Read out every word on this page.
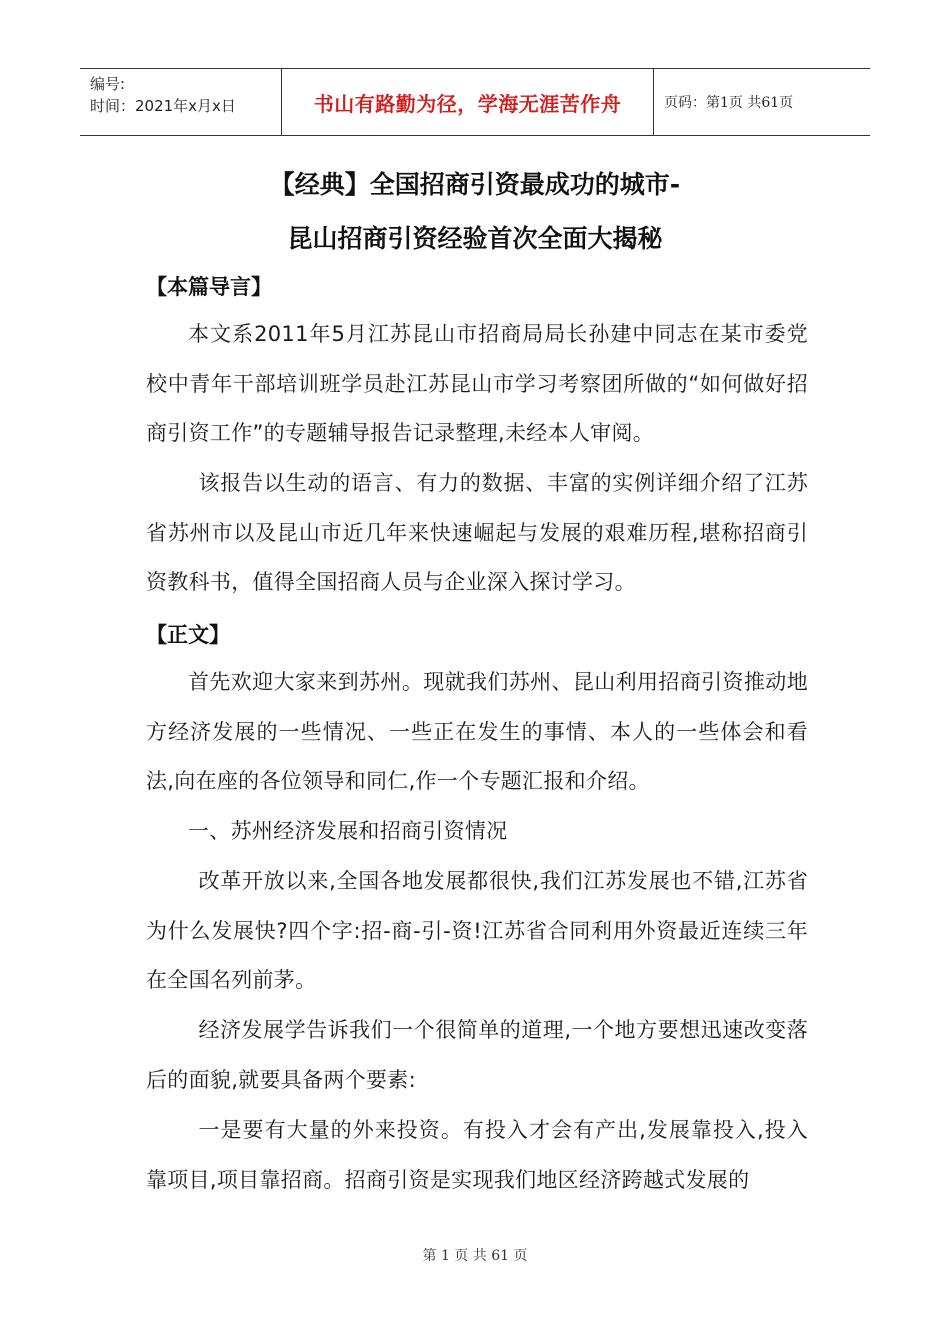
编号:
时间：2021年x月x日	书山有路勤为径，学海无涯苦作舟	页码：第1页 共61页
【经典】全国招商引资最成功的城市-
昆山招商引资经验首次全面大揭秘
【本篇导言】

本文系2011年5月江苏昆山市招商局局长孙建中同志在某市委党校中青年干部培训班学员赴江苏昆山市学习考察团所做的“如何做好招商引资工作”的专题辅导报告记录整理,未经本人审阅。

该报告以生动的语言、有力的数据、丰富的实例详细介绍了江苏省苏州市以及昆山市近几年来快速崛起与发展的艰难历程,堪称招商引资教科书，值得全国招商人员与企业深入探讨学习。

【正文】

首先欢迎大家来到苏州。现就我们苏州、昆山利用招商引资推动地方经济发展的一些情况、一些正在发生的事情、本人的一些体会和看法,向在座的各位领导和同仁,作一个专题汇报和介绍。

一、苏州经济发展和招商引资情况

改革开放以来,全国各地发展都很快,我们江苏发展也不错,江苏省为什么发展快?四个字:招-商-引-资!江苏省合同利用外资最近连续三年在全国名列前茅。

经济发展学告诉我们一个很简单的道理,一个地方要想迅速改变落后的面貌,就要具备两个要素:

一是要有大量的外来投资。有投入才会有产出,发展靠投入,投入靠项目,项目靠招商。招商引资是实现我们地区经济跨越式发展的

第 1 页 共 61 页
